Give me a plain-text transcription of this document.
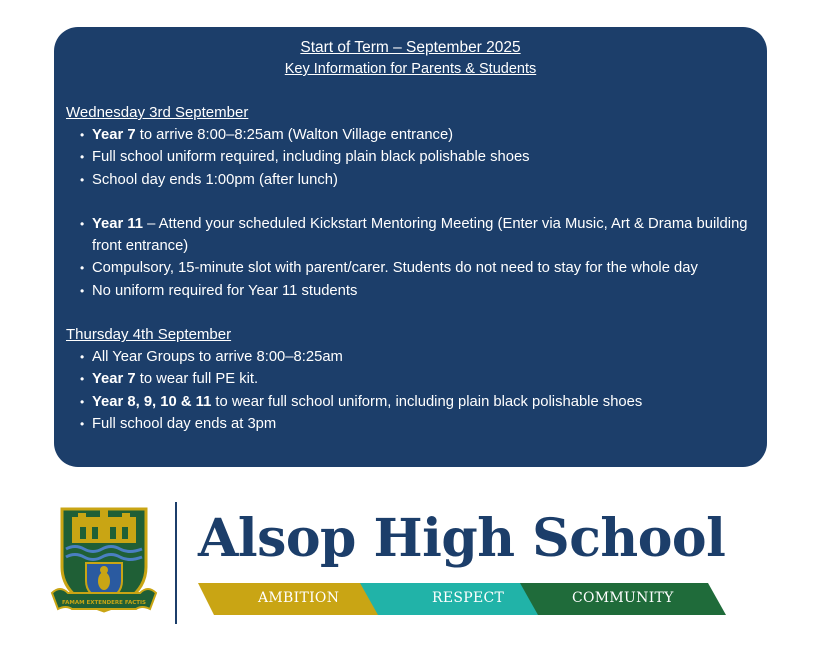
Start of Term – September 2025
Key Information for Parents & Students
Wednesday 3rd September
• Year 7 to arrive 8:00–8:25am (Walton Village entrance)
• Full school uniform required, including plain black polishable shoes
• School day ends 1:00pm (after lunch)
• Year 11 – Attend your scheduled Kickstart Mentoring Meeting (Enter via Music, Art & Drama building front entrance)
• Compulsory, 15-minute slot with parent/carer. Students do not need to stay for the whole day
• No uniform required for Year 11 students
Thursday 4th September
• All Year Groups to arrive 8:00–8:25am
• Year 7 to wear full PE kit.
• Year 8, 9, 10 & 11 to wear full school uniform, including plain black polishable shoes
• Full school day ends at 3pm
FAMAM EXTENDERE FACTIS
Alsop High School
AMBITION	RESPECT	COMMUNITY
